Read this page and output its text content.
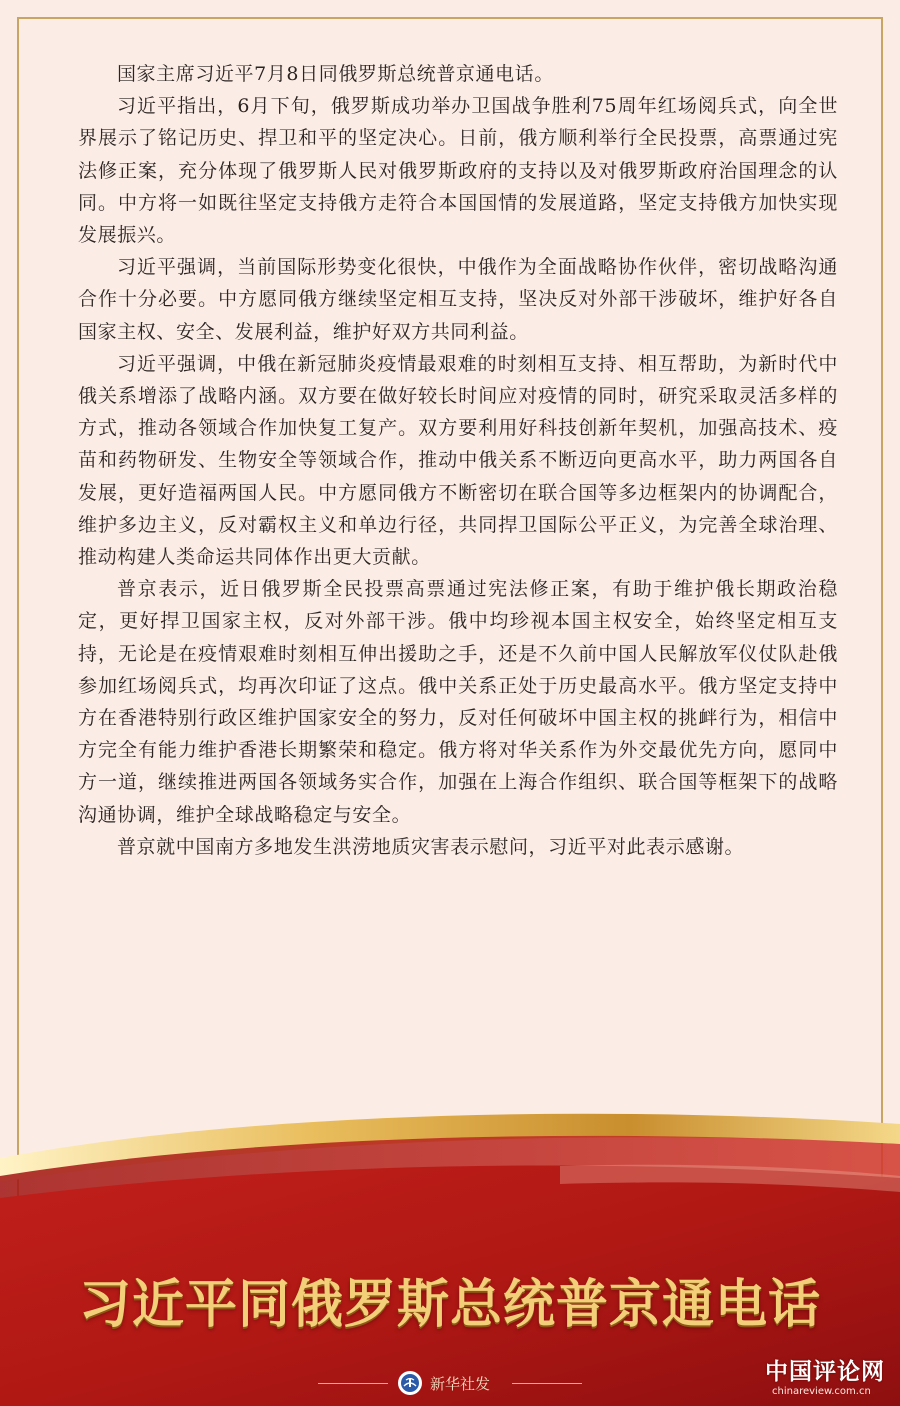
国家主席习近平7月8日同俄罗斯总统普京通电话。

习近平指出，6月下旬，俄罗斯成功举办卫国战争胜利75周年红场阅兵式，向全世界展示了铭记历史、捍卫和平的坚定决心。日前，俄方顺利举行全民投票，高票通过宪法修正案，充分体现了俄罗斯人民对俄罗斯政府的支持以及对俄罗斯政府治国理念的认同。中方将一如既往坚定支持俄方走符合本国国情的发展道路，坚定支持俄方加快实现发展振兴。

习近平强调，当前国际形势变化很快，中俄作为全面战略协作伙伴，密切战略沟通合作十分必要。中方愿同俄方继续坚定相互支持，坚决反对外部干涉破坏，维护好各自国家主权、安全、发展利益，维护好双方共同利益。

习近平强调，中俄在新冠肺炎疫情最艰难的时刻相互支持、相互帮助，为新时代中俄关系增添了战略内涵。双方要在做好较长时间应对疫情的同时，研究采取灵活多样的方式，推动各领域合作加快复工复产。双方要利用好科技创新年契机，加强高技术、疫苗和药物研发、生物安全等领域合作，推动中俄关系不断迈向更高水平，助力两国各自发展，更好造福两国人民。中方愿同俄方不断密切在联合国等多边框架内的协调配合，维护多边主义，反对霸权主义和单边行径，共同捍卫国际公平正义，为完善全球治理、推动构建人类命运共同体作出更大贡献。

普京表示，近日俄罗斯全民投票高票通过宪法修正案，有助于维护俄长期政治稳定，更好捍卫国家主权，反对外部干涉。俄中均珍视本国主权安全，始终坚定相互支持，无论是在疫情艰难时刻相互伸出援助之手，还是不久前中国人民解放军仪仗队赴俄参加红场阅兵式，均再次印证了这点。俄中关系正处于历史最高水平。俄方坚定支持中方在香港特别行政区维护国家安全的努力，反对任何破坏中国主权的挑衅行为，相信中方完全有能力维护香港长期繁荣和稳定。俄方将对华关系作为外交最优先方向，愿同中方一道，继续推进两国各领域务实合作，加强在上海合作组织、联合国等框架下的战略沟通协调，维护全球战略稳定与安全。

普京就中国南方多地发生洪涝地质灾害表示慰问，习近平对此表示感谢。

习近平同俄罗斯总统普京通电话
新华社发	中国评论网
chinareview.com.cn
